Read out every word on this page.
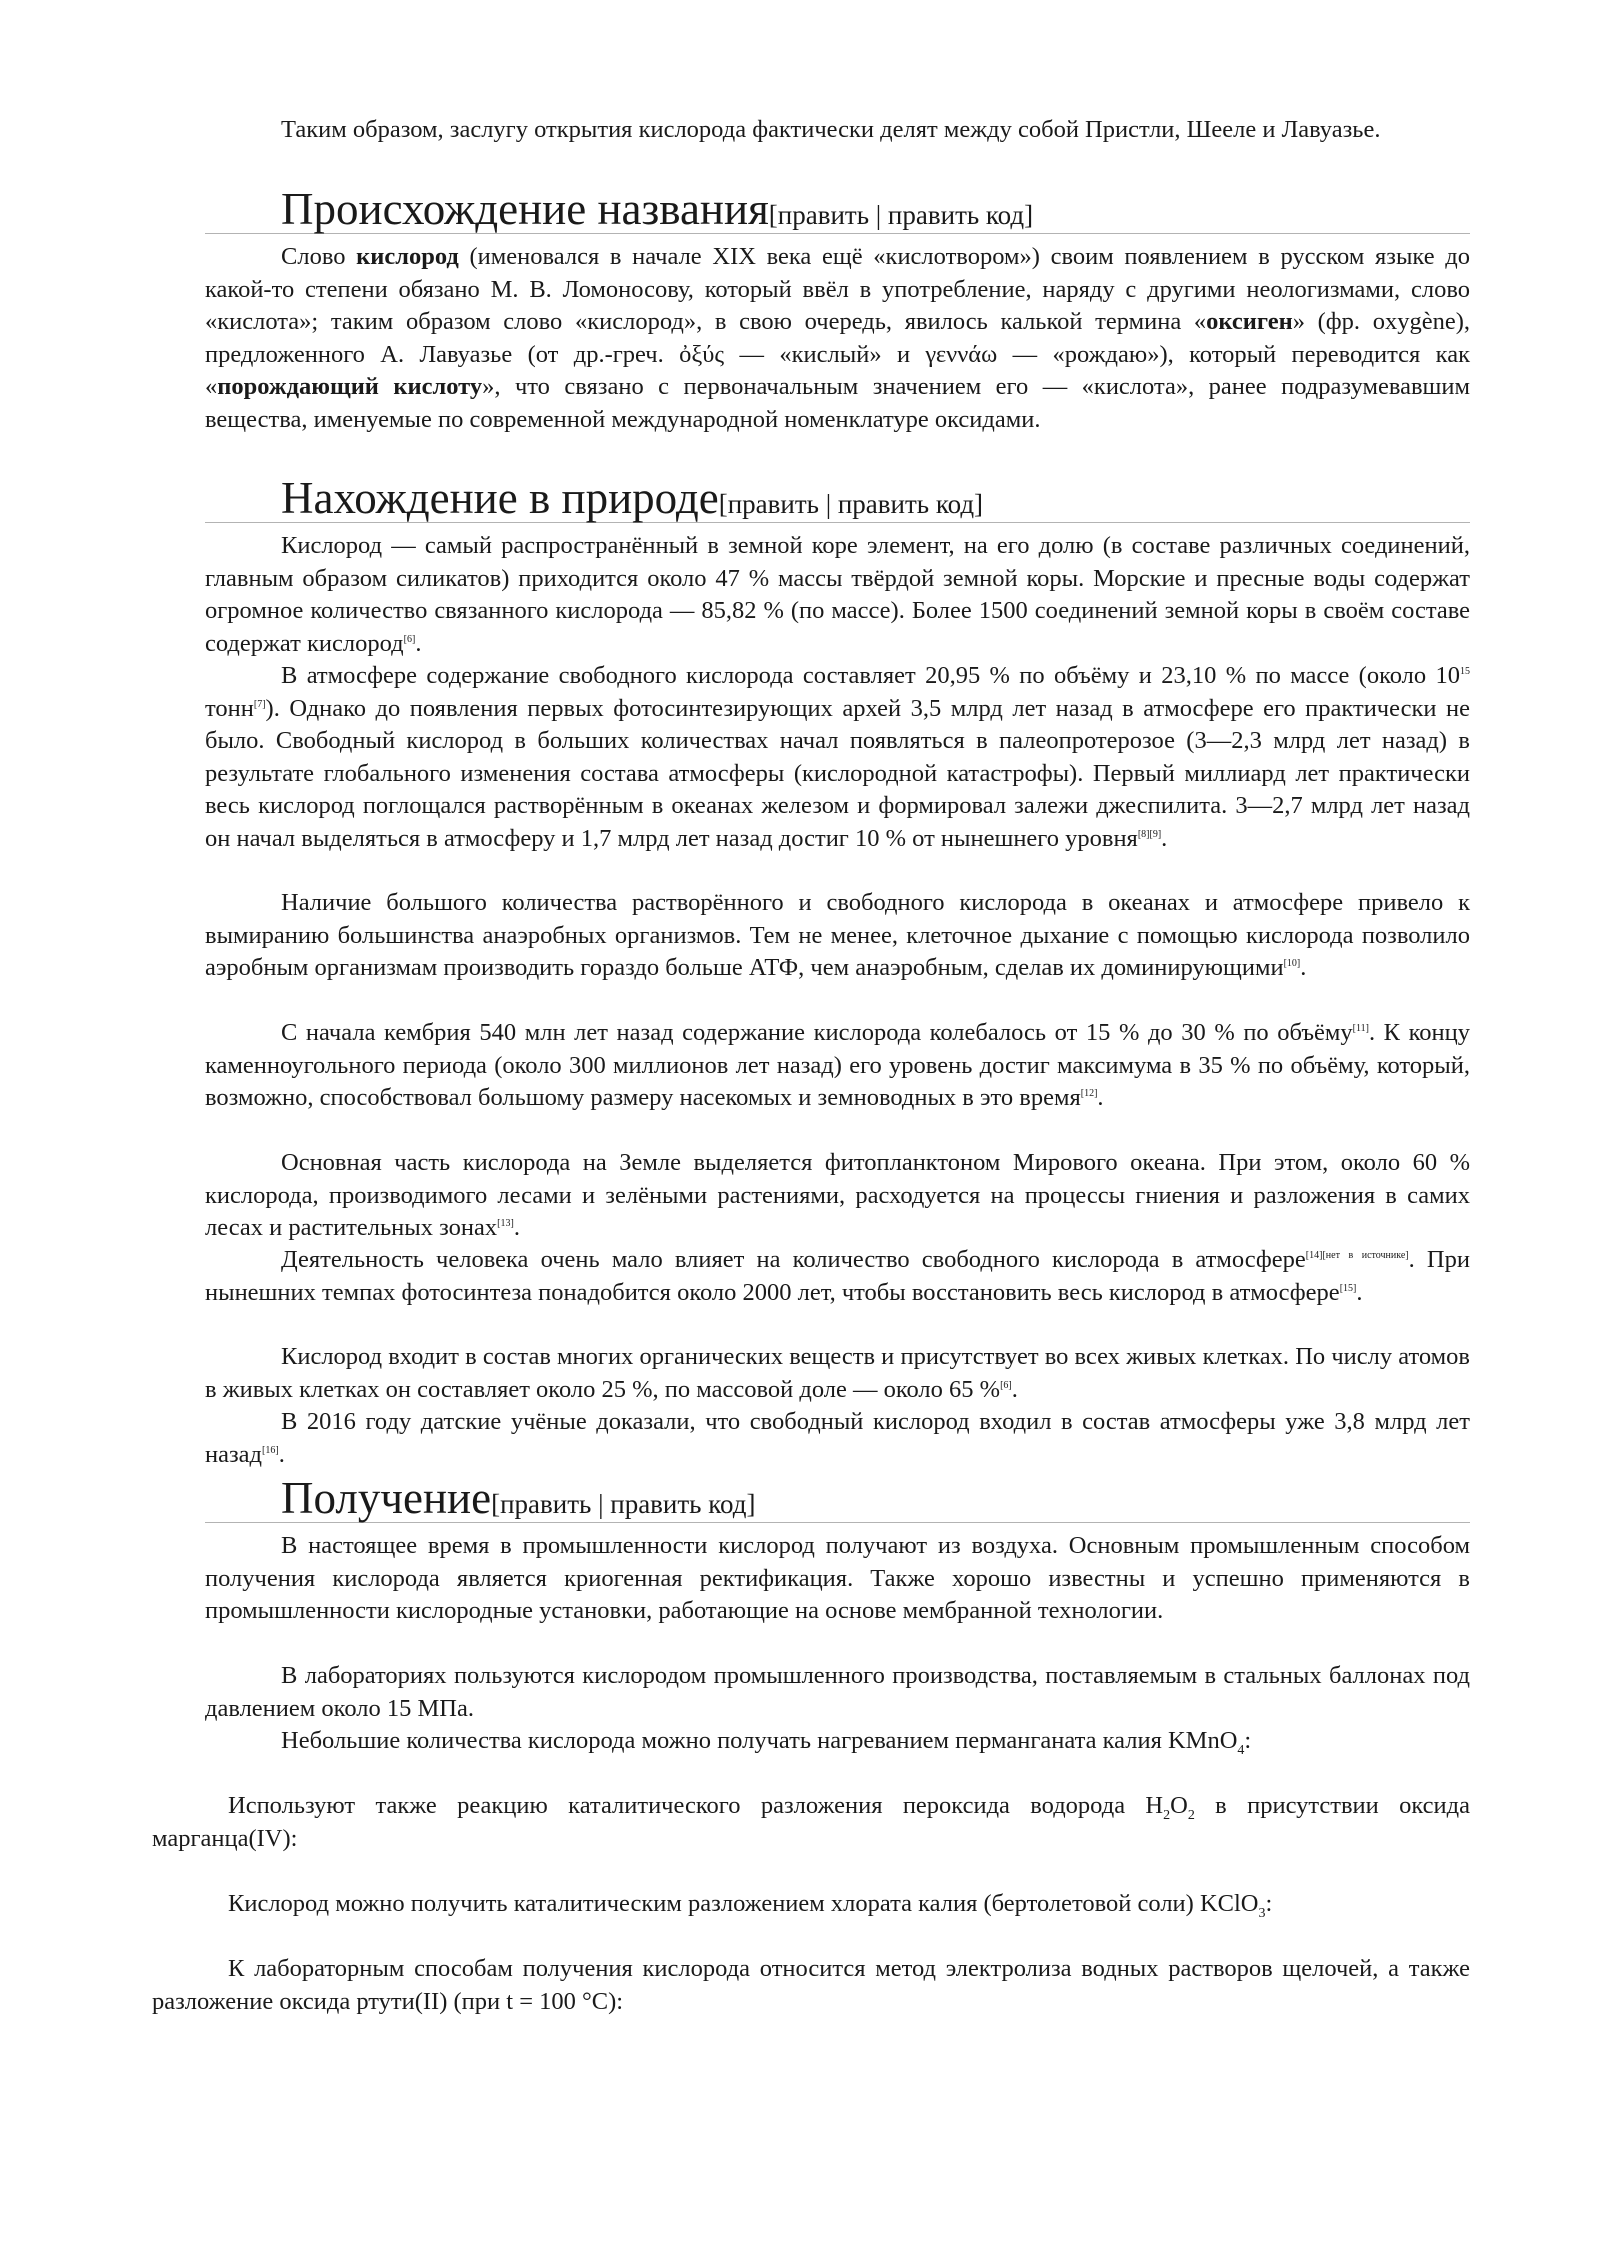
Таким образом, заслугу открытия кислорода фактически делят между собой Пристли, Шееле и Лавуазье.

Происхождение названия[править | править код]

Слово кислород (именовался в начале XIX века ещё «кислотвором») своим появлением в русском языке до какой-то степени обязано М. В. Ломоносову, который ввёл в употребление, наряду с другими неологизмами, слово «кислота»; таким образом слово «кислород», в свою очередь, явилось калькой термина «оксиген» (фр. oxygène), предложенного А. Лавуазье (от др.-греч. ὀξύς — «кислый» и γεννάω — «рождаю»), который переводится как «порождающий кислоту», что связано с первоначальным значением его — «кислота», ранее подразумевавшим вещества, именуемые по современной международной номенклатуре оксидами.

Нахождение в природе[править | править код]

Кислород — самый распространённый в земной коре элемент, на его долю (в составе различных соединений, главным образом силикатов) приходится около 47 % массы твёрдой земной коры. Морские и пресные воды содержат огромное количество связанного кислорода — 85,82 % (по массе). Более 1500 соединений земной коры в своём составе содержат кислород[6].

В атмосфере содержание свободного кислорода составляет 20,95 % по объёму и 23,10 % по массе (около $10^{15}$ тонн[7]). Однако до появления первых фотосинтезирующих архей 3,5 млрд лет назад в атмосфере его практически не было. Свободный кислород в больших количествах начал появляться в палеопротерозое (3—2,3 млрд лет назад) в результате глобального изменения состава атмосферы (кислородной катастрофы). Первый миллиард лет практически весь кислород поглощался растворённым в океанах железом и формировал залежи джеспилита. 3—2,7 млрд лет назад он начал выделяться в атмосферу и 1,7 млрд лет назад достиг 10 % от нынешнего уровня[8][9].

Наличие большого количества растворённого и свободного кислорода в океанах и атмосфере привело к вымиранию большинства анаэробных организмов. Тем не менее, клеточное дыхание с помощью кислорода позволило аэробным организмам производить гораздо больше АТФ, чем анаэробным, сделав их доминирующими[10].

С начала кембрия 540 млн лет назад содержание кислорода колебалось от 15 % до 30 % по объёму[11]. К концу каменноугольного периода (около 300 миллионов лет назад) его уровень достиг максимума в 35 % по объёму, который, возможно, способствовал большому размеру насекомых и земноводных в это время[12].

Основная часть кислорода на Земле выделяется фитопланктоном Мирового океана. При этом, около 60 % кислорода, производимого лесами и зелёными растениями, расходуется на процессы гниения и разложения в самих лесах и растительных зонах[13].

Деятельность человека очень мало влияет на количество свободного кислорода в атмосфере[14][нет в источнике]. При нынешних темпах фотосинтеза понадобится около 2000 лет, чтобы восстановить весь кислород в атмосфере[15].

Кислород входит в состав многих органических веществ и присутствует во всех живых клетках. По числу атомов в живых клетках он составляет около 25 %, по массовой доле — около 65 %[6].

В 2016 году датские учёные доказали, что свободный кислород входил в состав атмосферы уже 3,8 млрд лет назад[16].

Получение[править | править код]

В настоящее время в промышленности кислород получают из воздуха. Основным промышленным способом получения кислорода является криогенная ректификация. Также хорошо известны и успешно применяются в промышленности кислородные установки, работающие на основе мембранной технологии.

В лабораториях пользуются кислородом промышленного производства, поставляемым в стальных баллонах под давлением около 15 МПа.

Небольшие количества кислорода можно получать нагреванием перманганата калия KMnO$_4$:

Используют также реакцию каталитического разложения пероксида водорода $H_2O_2$ в присутствии оксида марганца(IV):

Кислород можно получить каталитическим разложением хлората калия (бертолетовой соли) KClO$_3$:

К лабораторным способам получения кислорода относится метод электролиза водных растворов щелочей, а также разложение оксида ртути(II) (при t = 100 °C):
